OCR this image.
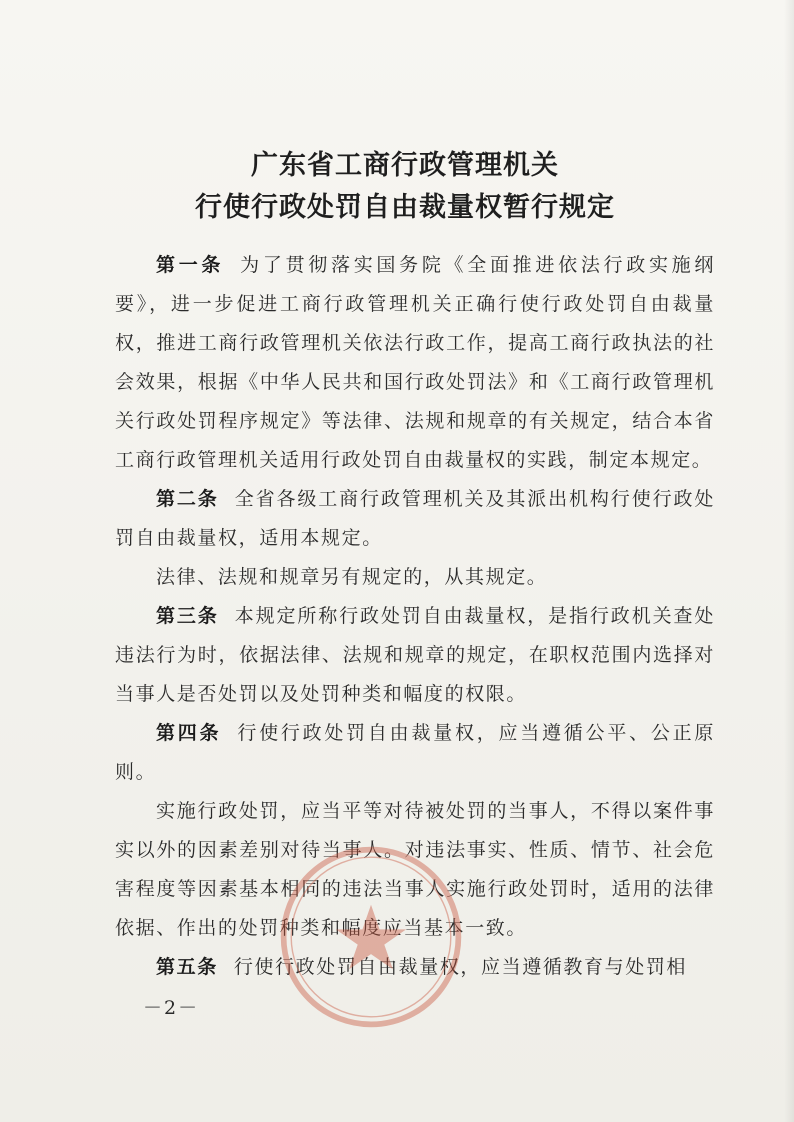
广东省工商行政管理机关
行使行政处罚自由裁量权暂行规定

第一条 为了贯彻落实国务院《全面推进依法行政实施纲要》，进一步促进工商行政管理机关正确行使行政处罚自由裁量权，推进工商行政管理机关依法行政工作，提高工商行政执法的社会效果，根据《中华人民共和国行政处罚法》和《工商行政管理机关行政处罚程序规定》等法律、法规和规章的有关规定，结合本省工商行政管理机关适用行政处罚自由裁量权的实践，制定本规定。

第二条 全省各级工商行政管理机关及其派出机构行使行政处罚自由裁量权，适用本规定。

法律、法规和规章另有规定的，从其规定。

第三条 本规定所称行政处罚自由裁量权，是指行政机关查处违法行为时，依据法律、法规和规章的规定，在职权范围内选择对当事人是否处罚以及处罚种类和幅度的权限。

第四条 行使行政处罚自由裁量权，应当遵循公平、公正原则。

实施行政处罚，应当平等对待被处罚的当事人，不得以案件事实以外的因素差别对待当事人。对违法事实、性质、情节、社会危害程度等因素基本相同的违法当事人实施行政处罚时，适用的法律依据、作出的处罚种类和幅度应当基本一致。

第五条 行使行政处罚自由裁量权，应当遵循教育与处罚相

－2－
